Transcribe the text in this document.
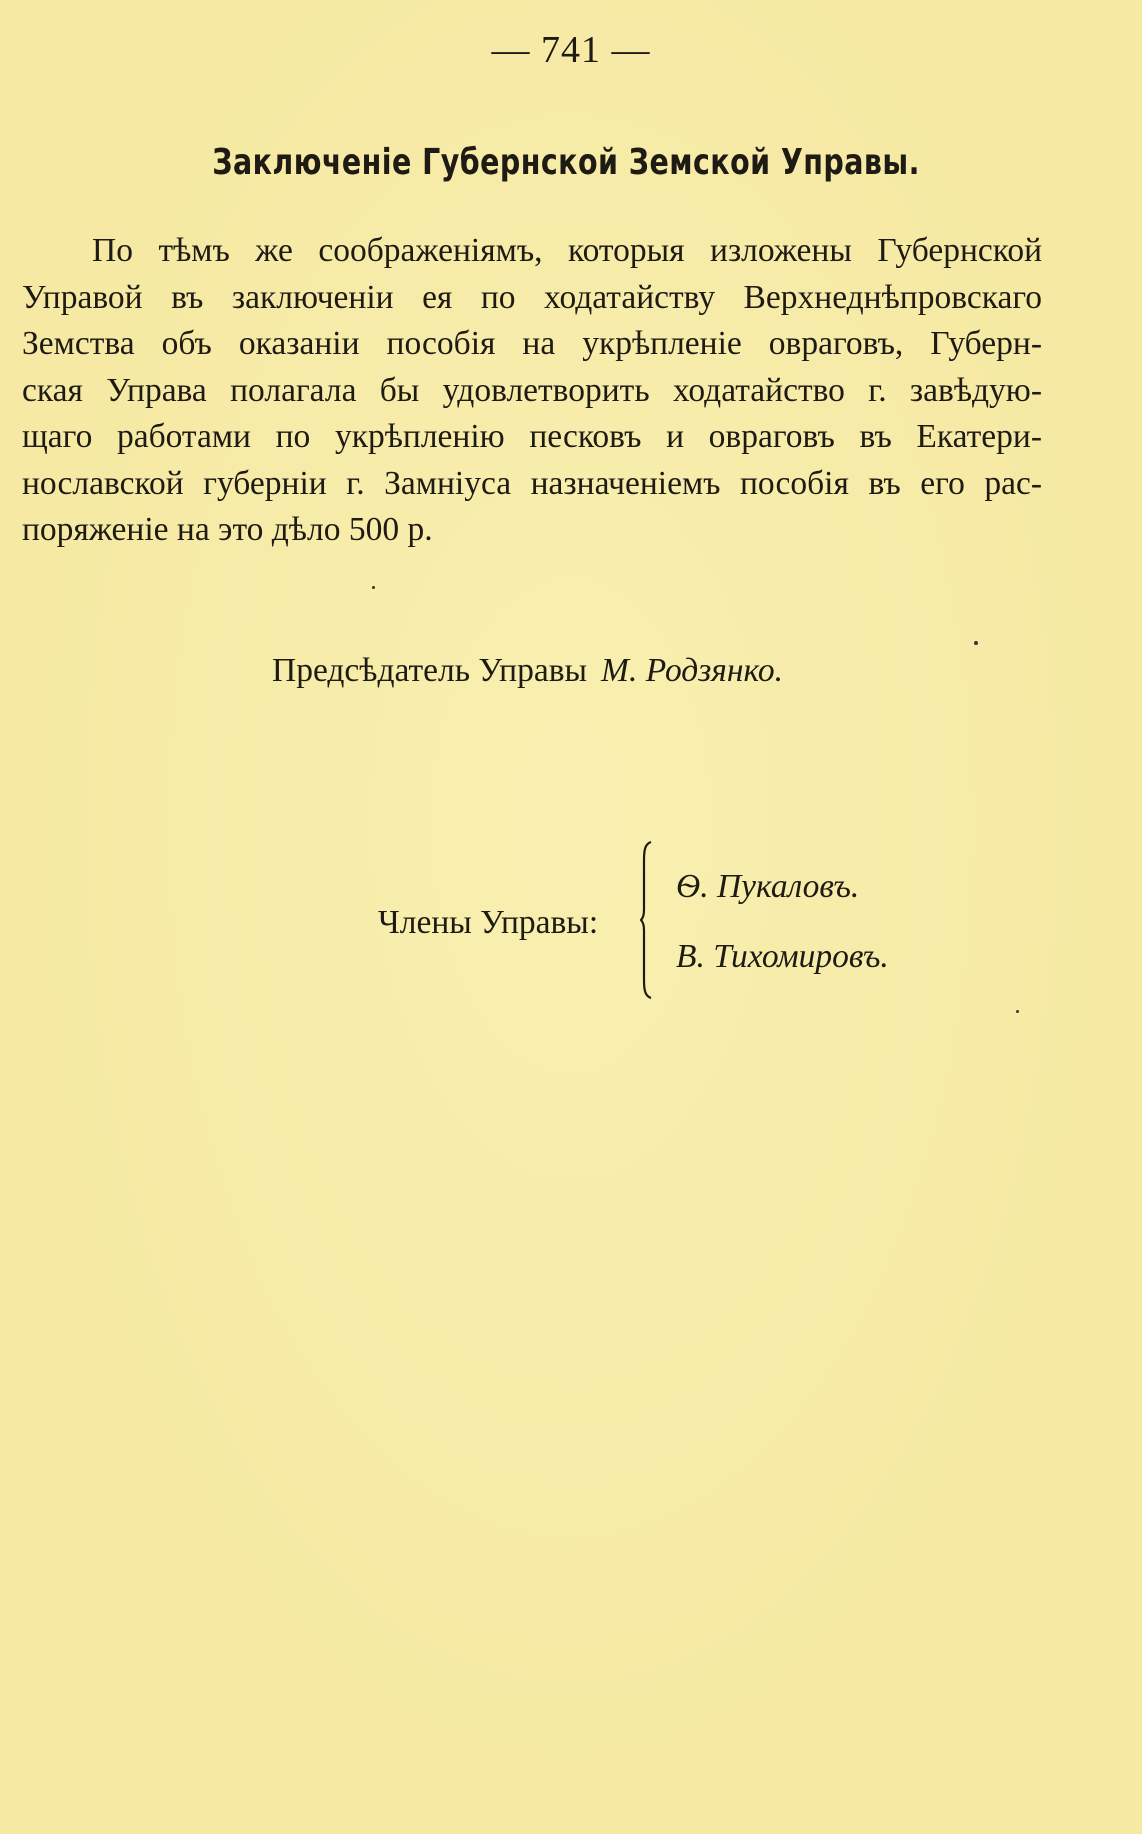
— 741 —
Заключеніе Губернской Земской Управы.
По тѣмъ же соображеніямъ, которыя изложены Губернской
Управой въ заключеніи ея по ходатайству Верхнеднѣпровскаго
Земства объ оказаніи пособія на укрѣпленіе овраговъ, Губерн-
ская Управа полагала бы удовлетворить ходатайство г. завѣдую-
щаго работами по укрѣпленію песковъ и овраговъ въ Екатери-
нославской губерніи г. Замніуса назначеніемъ пособія въ его рас-
поряженіе на это дѣло 500 р.
Предсѣдатель Управы М. Родзянко.
Члены Управы:
Ѳ. Пукаловъ.
В. Тихомировъ.
